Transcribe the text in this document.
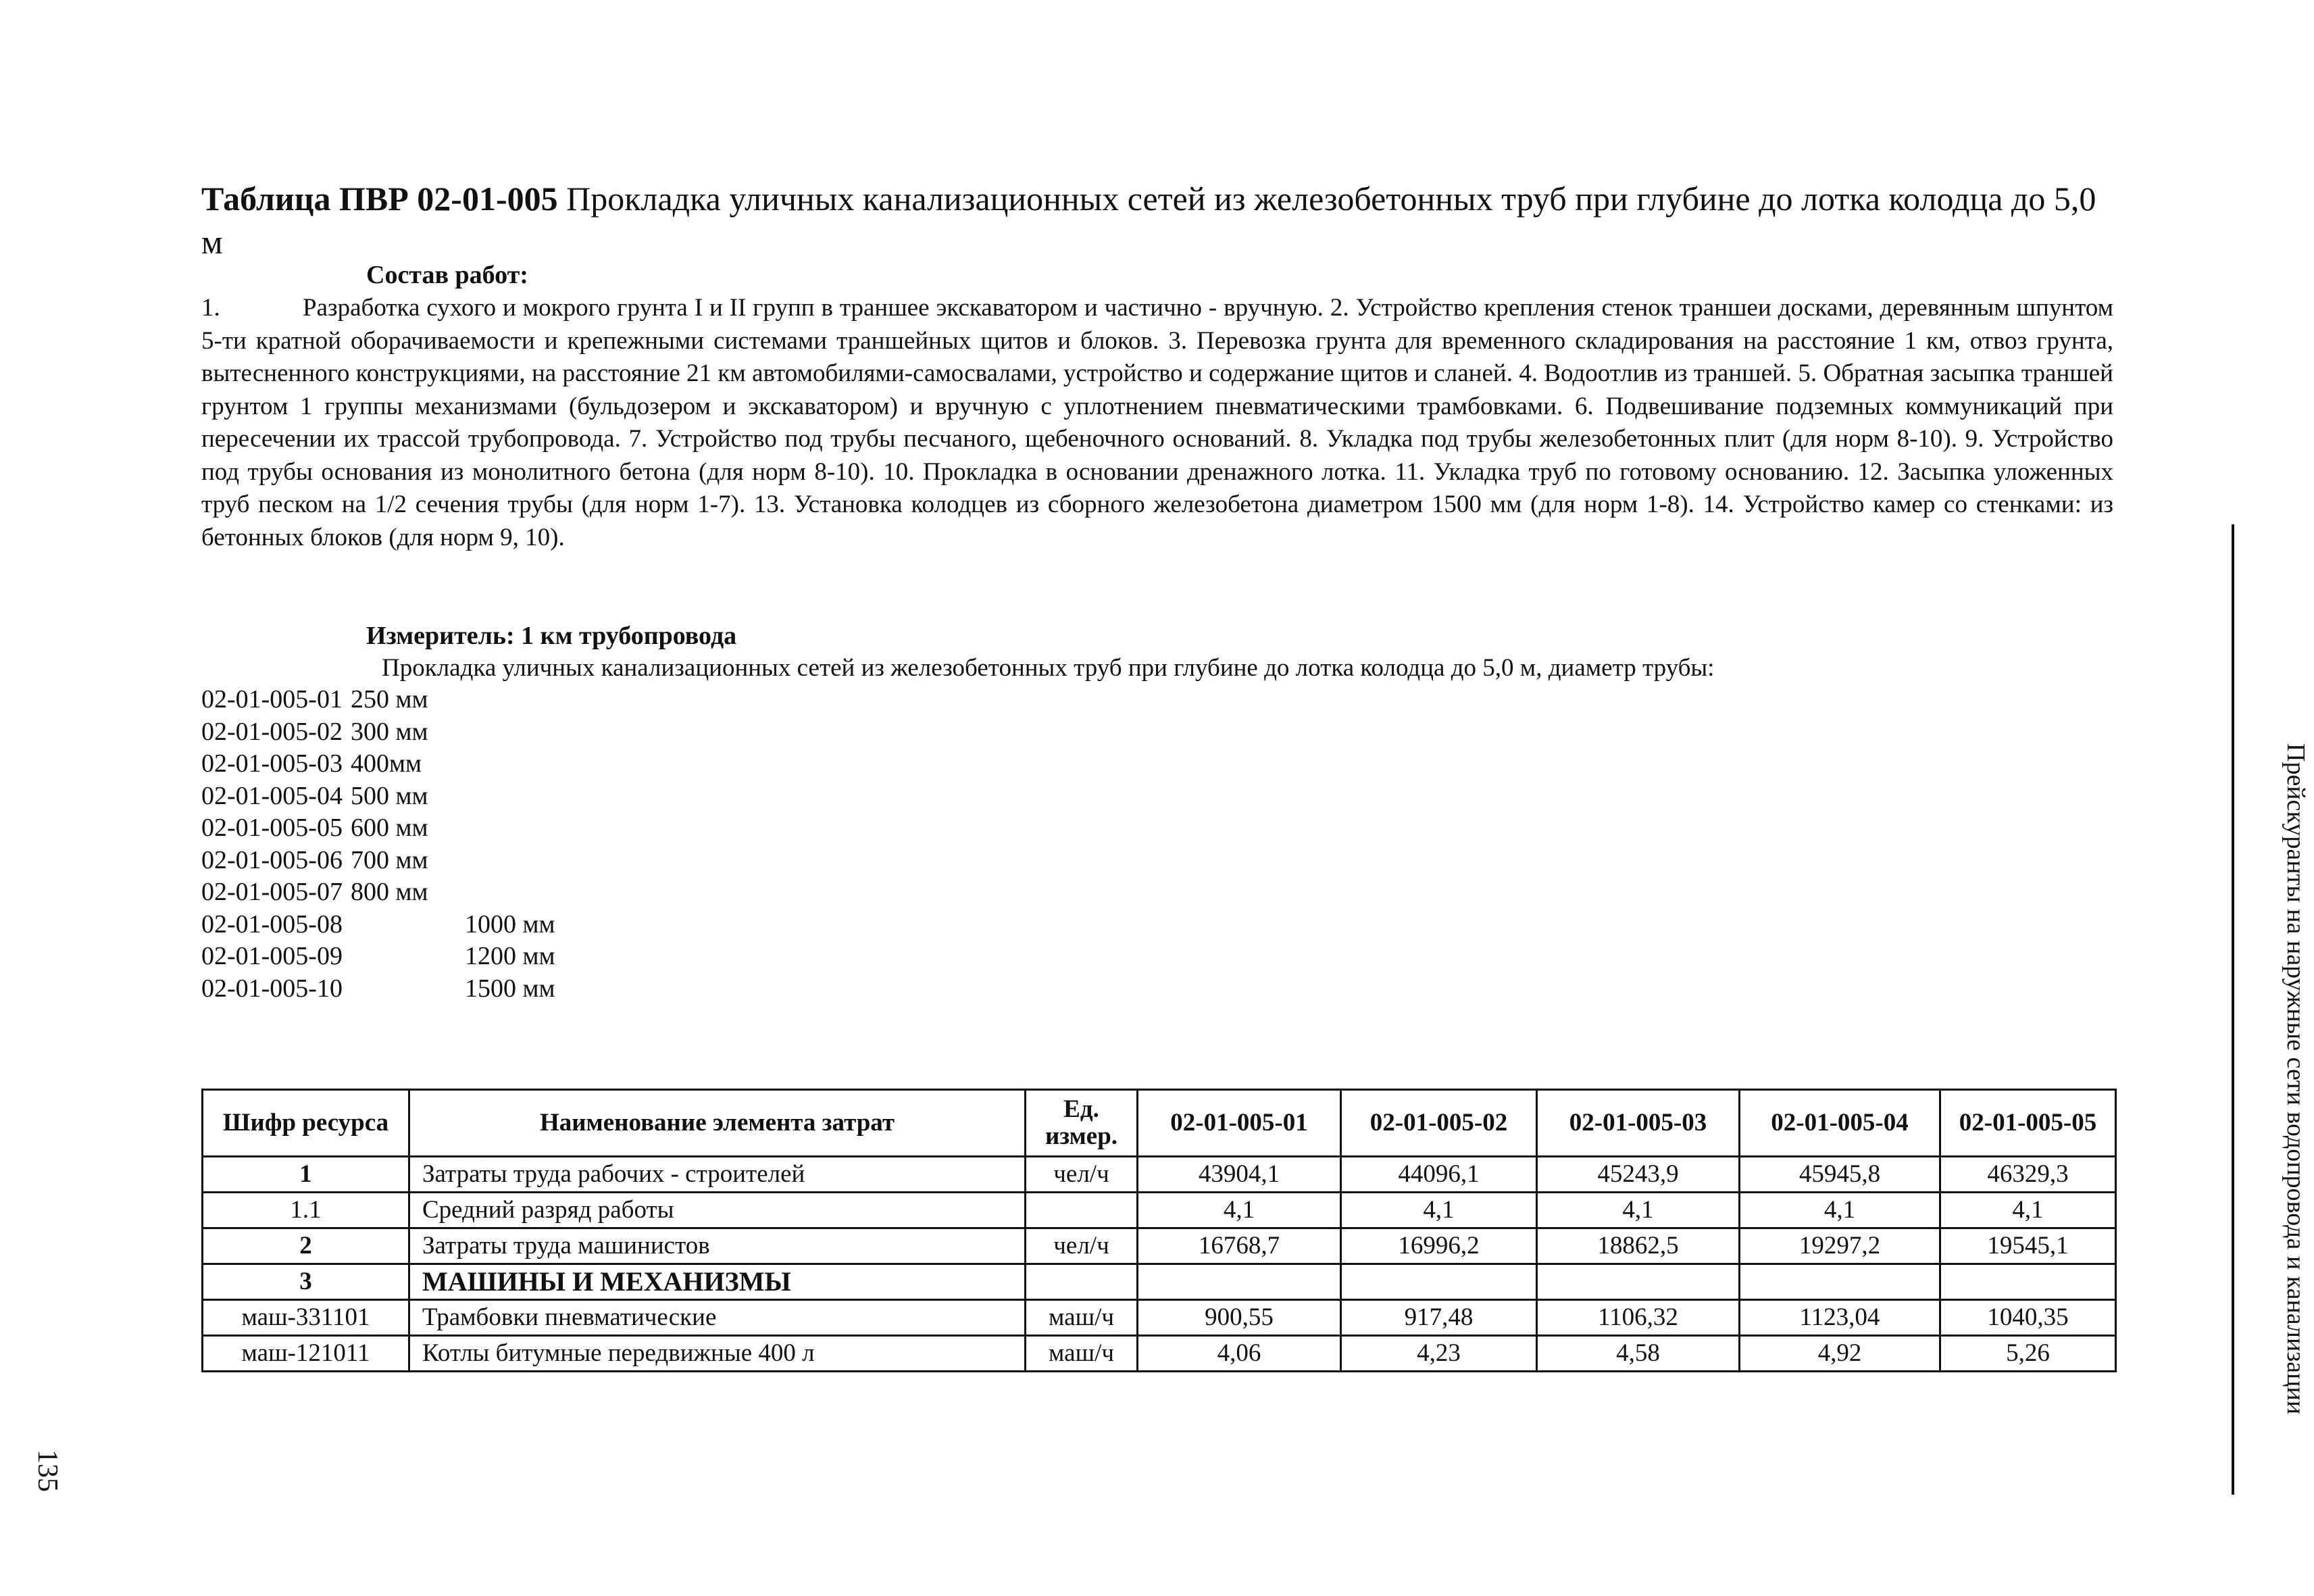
Таблица ПВР 02-01-005 Прокладка уличных канализационных сетей из железобетонных труб при глубине до лотка колодца до 5,0 м
Состав работ:
1.	Разработка сухого и мокрого грунта I и II групп в траншее экскаватором и частично - вручную. 2. Устройство крепления стенок траншеи досками, деревянным шпунтом 5-ти кратной оборачиваемости и крепежными системами траншейных щитов и блоков. 3. Перевозка грунта для временного складирования на расстояние 1 км, отвоз грунта, вытесненного конструкциями, на расстояние 21 км автомобилями-самосвалами, устройство и содержание щитов и сланей. 4. Водоотлив из траншей. 5. Обратная засыпка траншей грунтом 1 группы механизмами (бульдозером и экскаватором) и вручную с уплотнением пневматическими трамбовками. 6. Подвешивание подземных коммуникаций при пересечении их трассой трубопровода. 7. Устройство под трубы песчаного, щебеночного оснований. 8. Укладка под трубы железобетонных плит (для норм 8-10). 9. Устройство под трубы основания из монолитного бетона (для норм 8-10). 10. Прокладка в основании дренажного лотка. 11. Укладка труб по готовому основанию. 12. Засыпка уложенных труб песком на 1/2 сечения трубы (для норм 1-7). 13. Установка колодцев из сборного железобетона диаметром 1500 мм (для норм 1-8). 14. Устройство камер со стенками: из бетонных блоков (для норм 9, 10).
Измеритель: 1 км трубопровода
Прокладка уличных канализационных сетей из железобетонных труб при глубине до лотка колодца до 5,0 м, диаметр трубы:
02-01-005-01 250 мм
02-01-005-02 300 мм
02-01-005-03 400мм
02-01-005-04 500 мм
02-01-005-05 600 мм
02-01-005-06 700 мм
02-01-005-07 800 мм
02-01-005-08	1000 мм
02-01-005-09	1200 мм
02-01-005-10	1500 мм
Шифр ресурса	Наименование элемента затрат	Ед. измер.	02-01-005-01	02-01-005-02	02-01-005-03	02-01-005-04	02-01-005-05
1	Затраты труда рабочих - строителей	чел/ч	43904,1	44096,1	45243,9	45945,8	46329,3
1.1	Средний разряд работы		4,1	4,1	4,1	4,1	4,1
2	Затраты труда машинистов	чел/ч	16768,7	16996,2	18862,5	19297,2	19545,1
3	МАШИНЫ И МЕХАНИЗМЫ						
маш-331101	Трамбовки пневматические	маш/ч	900,55	917,48	1106,32	1123,04	1040,35
маш-121011	Котлы битумные передвижные 400 л	маш/ч	4,06	4,23	4,58	4,92	5,26	Прейскуранты на наружные сети водопровода и канализации
135
